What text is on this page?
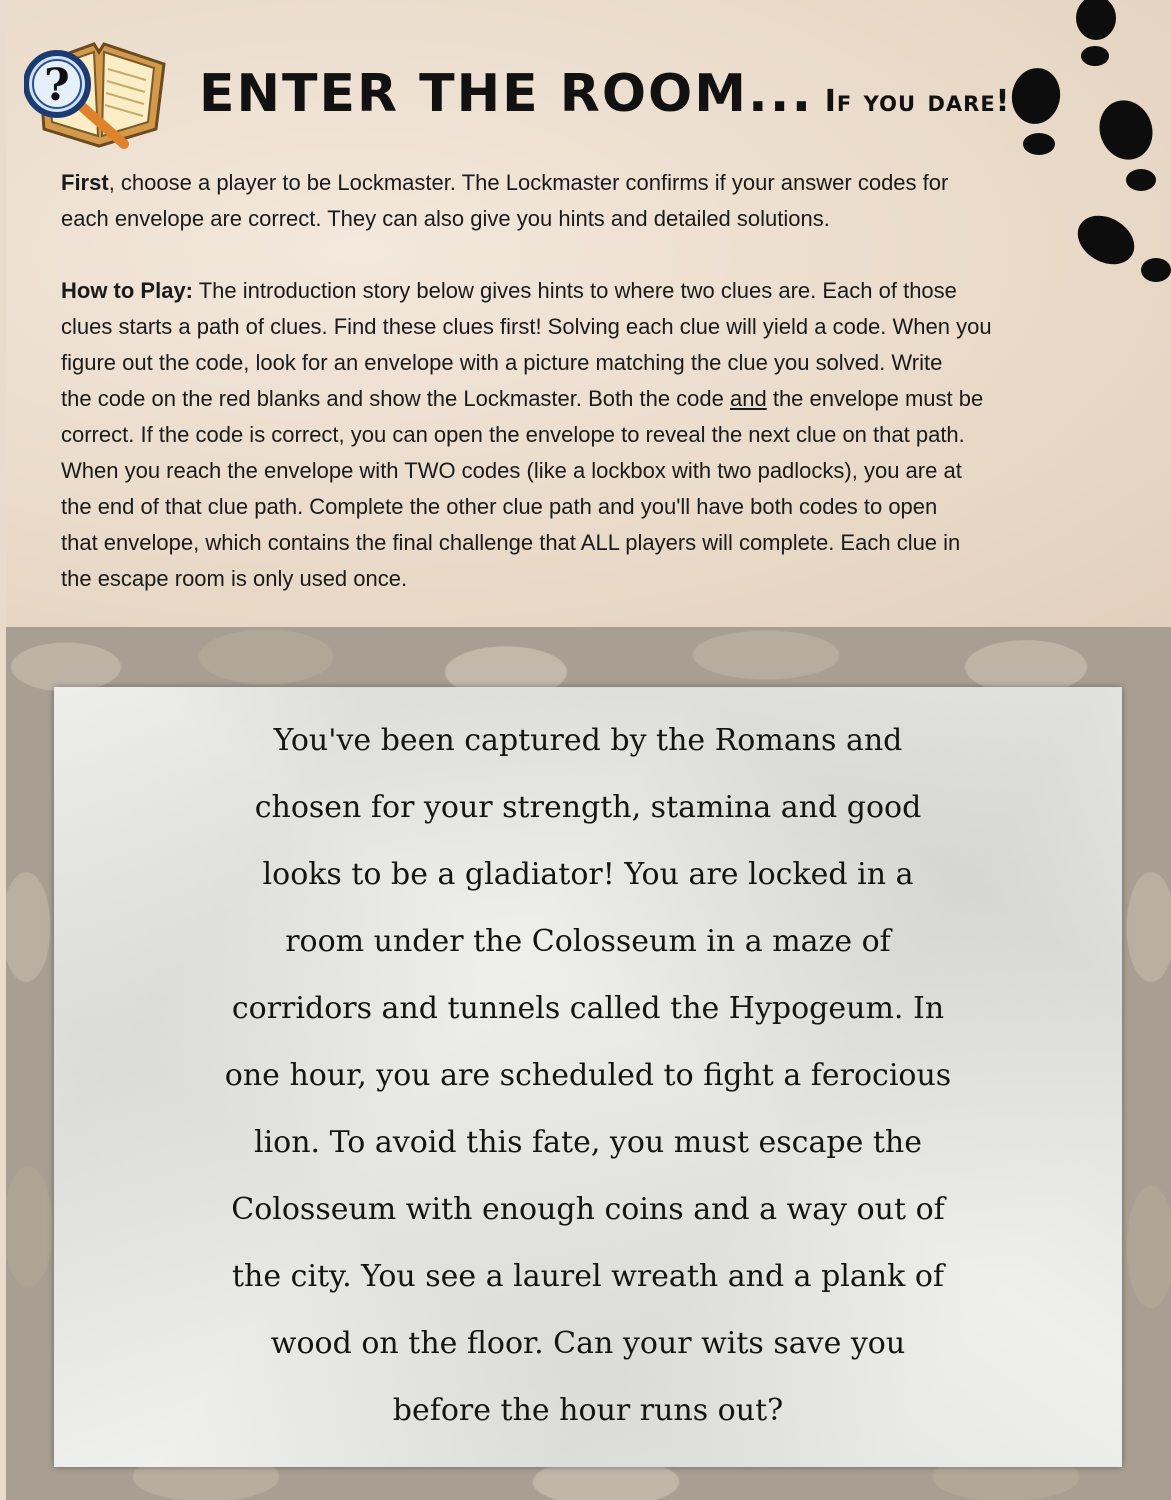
? ENTER THE ROOM... If you dare!
First, choose a player to be Lockmaster. The Lockmaster confirms if your answer codes for
each envelope are correct. They can also give you hints and detailed solutions.
How to Play: The introduction story below gives hints to where two clues are. Each of those
clues starts a path of clues. Find these clues first! Solving each clue will yield a code. When you
figure out the code, look for an envelope with a picture matching the clue you solved. Write
the code on the red blanks and show the Lockmaster. Both the code and the envelope must be
correct. If the code is correct, you can open the envelope to reveal the next clue on that path.
When you reach the envelope with TWO codes (like a lockbox with two padlocks), you are at
the end of that clue path. Complete the other clue path and you'll have both codes to open
that envelope, which contains the final challenge that ALL players will complete. Each clue in
the escape room is only used once.
You've been captured by the Romans and
chosen for your strength, stamina and good
looks to be a gladiator! You are locked in a
room under the Colosseum in a maze of
corridors and tunnels called the Hypogeum. In
one hour, you are scheduled to fight a ferocious
lion. To avoid this fate, you must escape the
Colosseum with enough coins and a way out of
the city. You see a laurel wreath and a plank of
wood on the floor. Can your wits save you
before the hour runs out?
